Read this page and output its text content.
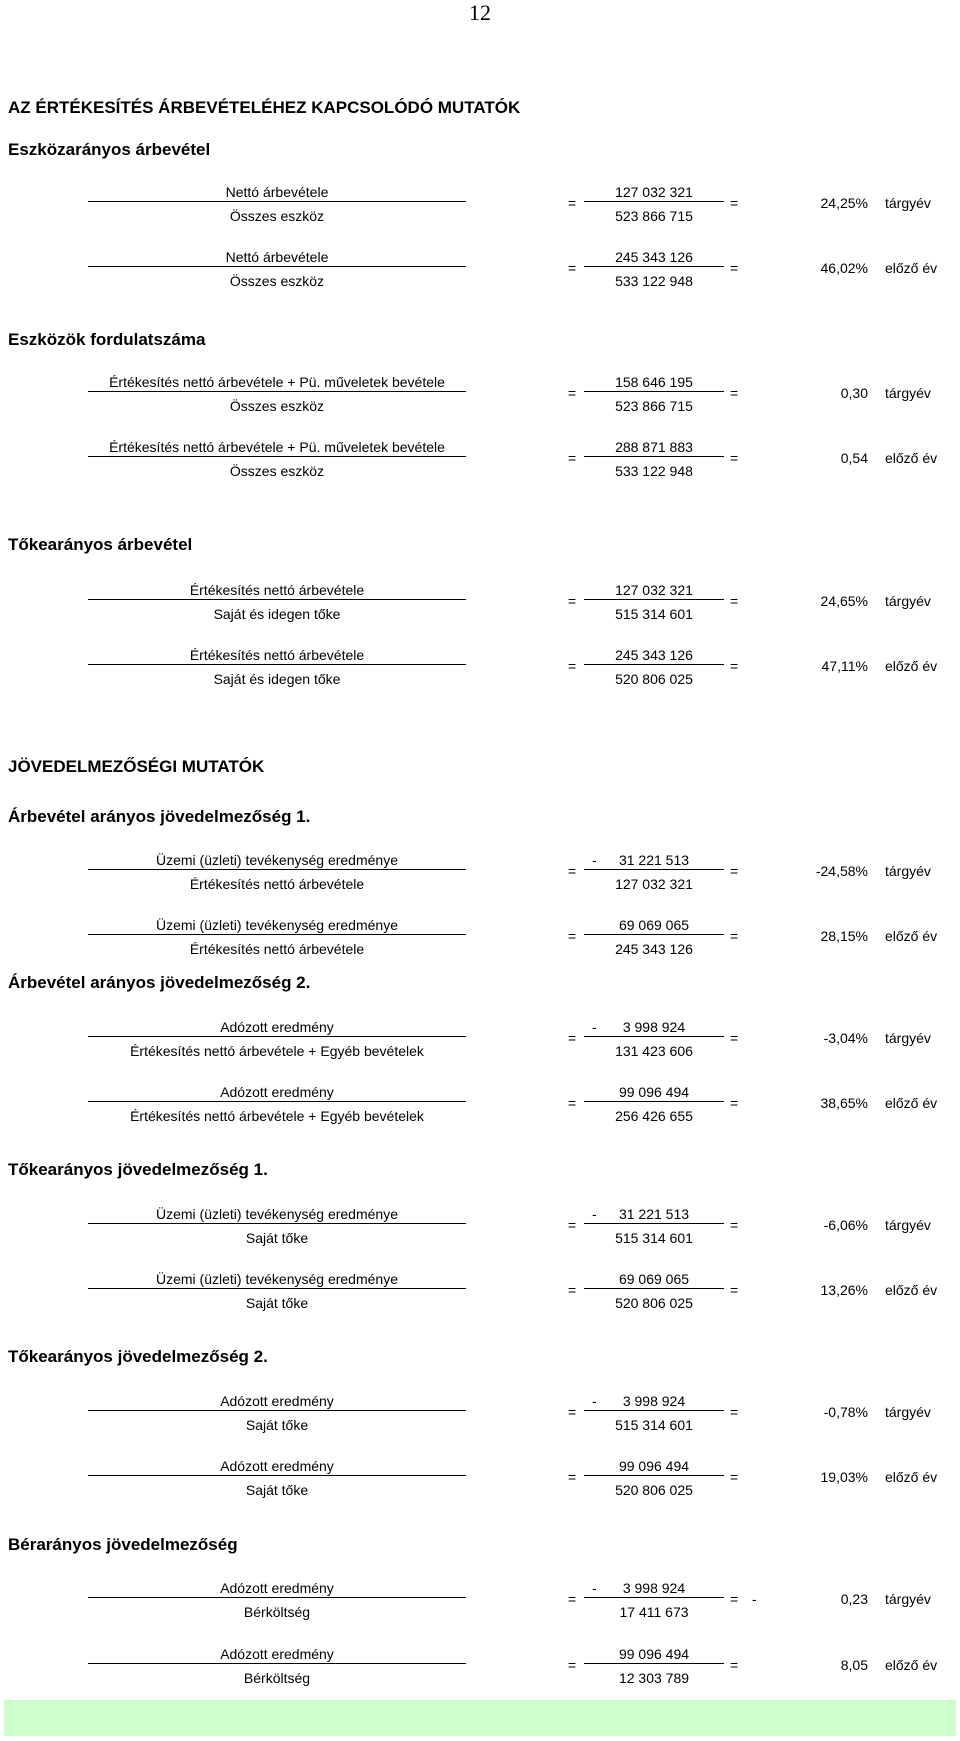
12
AZ ÉRTÉKESÍTÉS ÁRBEVÉTELÉHEZ KAPCSOLÓDÓ MUTATÓK
Eszközarányos árbevétel
Nettó árbevétele
Összes eszköz
=
127 032 321
523 866 715
=	24,25% tárgyév
Nettó árbevétele
Összes eszköz
=
245 343 126
533 122 948
=	46,02% előző év
Eszközök fordulatszáma
Értékesítés nettó árbevétele + Pü. műveletek bevétele
Összes eszköz
=
158 646 195
523 866 715
=	0,30 tárgyév
Értékesítés nettó árbevétele + Pü. műveletek bevétele
Összes eszköz
=
288 871 883
533 122 948
=	0,54 előző év
Tőkearányos árbevétel
Értékesítés nettó árbevétele
Saját és idegen tőke
=
127 032 321
515 314 601
=	24,65% tárgyév
Értékesítés nettó árbevétele
Saját és idegen tőke
=
245 343 126
520 806 025
=	47,11% előző év
JÖVEDELMEZŐSÉGI MUTATÓK
Árbevétel arányos jövedelmezőség 1.
Üzemi (üzleti) tevékenység eredménye
Értékesítés nettó árbevétele
=
-	31 221 513
127 032 321
=	-24,58% tárgyév
Üzemi (üzleti) tevékenység eredménye
Értékesítés nettó árbevétele
=
69 069 065
245 343 126
=	28,15% előző év
Árbevétel arányos jövedelmezőség 2.
Adózott eredmény
Értékesítés nettó árbevétele + Egyéb bevételek
=
-	3 998 924
131 423 606
=	-3,04% tárgyév
Adózott eredmény
Értékesítés nettó árbevétele + Egyéb bevételek
=
99 096 494
256 426 655
=	38,65% előző év
Tőkearányos jövedelmezőség 1.
Üzemi (üzleti) tevékenység eredménye
Saját tőke
=
-	31 221 513
515 314 601
=	-6,06% tárgyév
Üzemi (üzleti) tevékenység eredménye
Saját tőke
=
69 069 065
520 806 025
=	13,26% előző év
Tőkearányos jövedelmezőség 2.
Adózott eredmény
Saját tőke
=
-	3 998 924
515 314 601
=	-0,78% tárgyév
Adózott eredmény
Saját tőke
=
99 096 494
520 806 025
=	19,03% előző év
Bérarányos jövedelmezőség
Adózott eredmény
Bérköltség
=
-	3 998 924
17 411 673
= -	0,23 tárgyév
Adózott eredmény
Bérköltség
=
99 096 494
12 303 789
=	8,05 előző év
